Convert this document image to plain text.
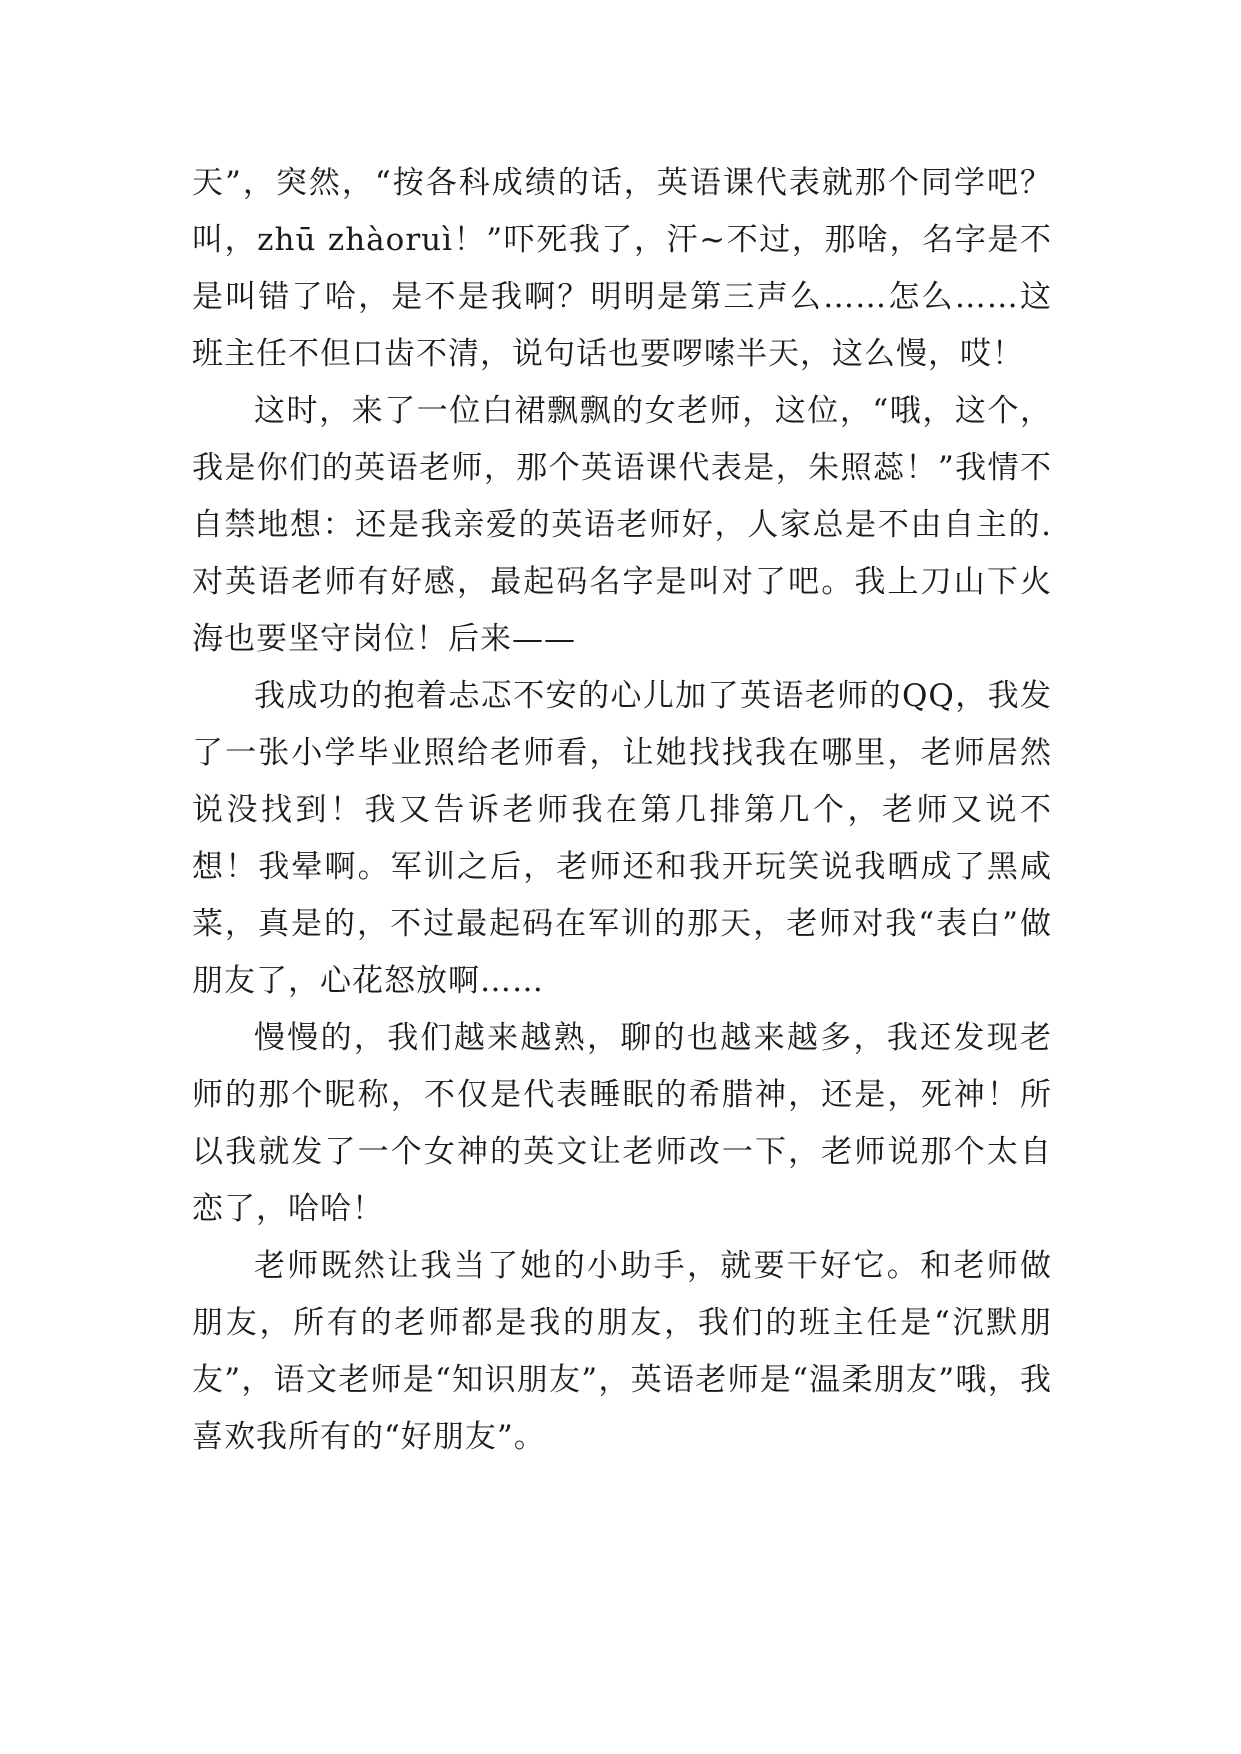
天”，突然，“按各科成绩的话，英语课代表就那个同学吧？叫，zhū zhàoruì！”吓死我了，汗~不过，那啥，名字是不是叫错了哈，是不是我啊？明明是第三声么……怎么……这班主任不但口齿不清，说句话也要啰嗦半天，这么慢，哎！

这时，来了一位白裙飘飘的女老师，这位，“哦，这个，我是你们的英语老师，那个英语课代表是，朱照蕊！”我情不自禁地想：还是我亲爱的英语老师好，人家总是不由自主的.对英语老师有好感，最起码名字是叫对了吧。我上刀山下火海也要坚守岗位！后来——

我成功的抱着忐忑不安的心儿加了英语老师的QQ，我发了一张小学毕业照给老师看，让她找找我在哪里，老师居然说没找到！我又告诉老师我在第几排第几个，老师又说不想！我晕啊。军训之后，老师还和我开玩笑说我晒成了黑咸菜，真是的，不过最起码在军训的那天，老师对我“表白”做朋友了，心花怒放啊……

慢慢的，我们越来越熟，聊的也越来越多，我还发现老师的那个昵称，不仅是代表睡眠的希腊神，还是，死神！所以我就发了一个女神的英文让老师改一下，老师说那个太自恋了，哈哈！

老师既然让我当了她的小助手，就要干好它。和老师做朋友，所有的老师都是我的朋友，我们的班主任是“沉默朋友”，语文老师是“知识朋友”，英语老师是“温柔朋友”哦，我喜欢我所有的“好朋友”。
